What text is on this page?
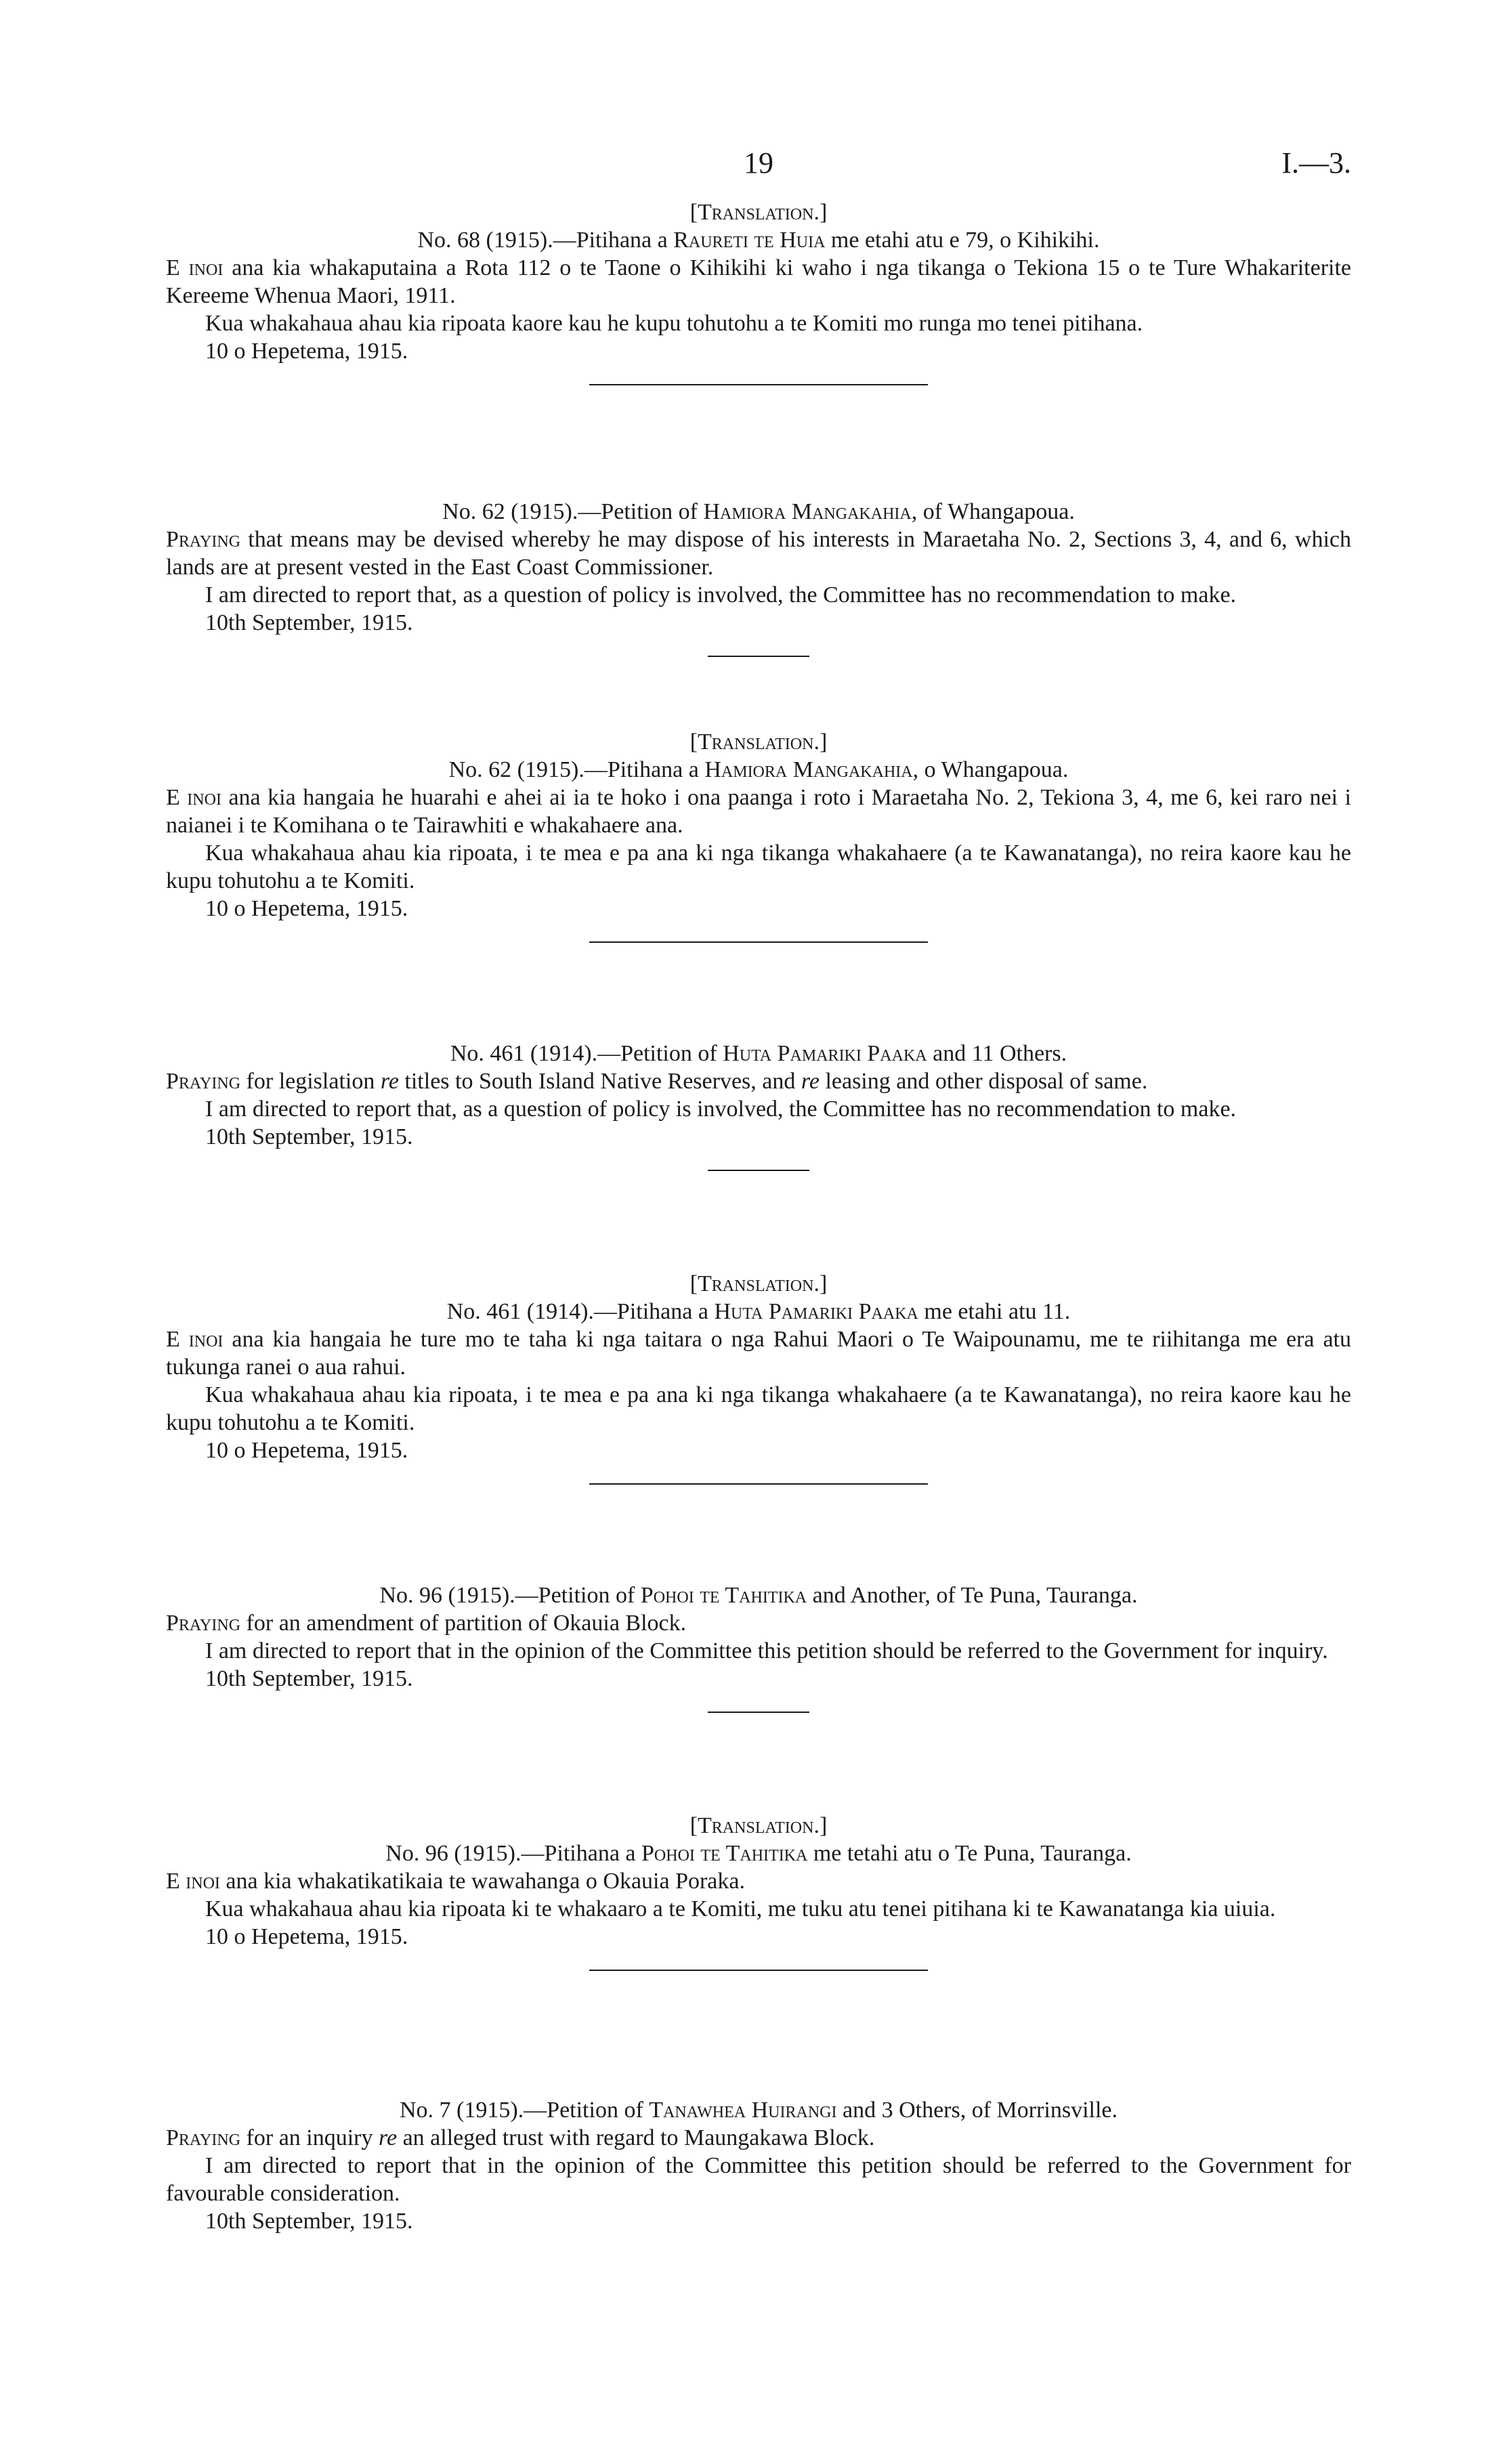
19	I.—3.

[Translation.]

No. 68 (1915).—Pitihana a Raureti te Huia me etahi atu e 79, o Kihikihi.

E inoi ana kia whakaputaina a Rota 112 o te Taone o Kihikihi ki waho i nga tikanga o Tekiona 15 o te Ture Whakariterite Kereeme Whenua Maori, 1911.

Kua whakahaua ahau kia ripoata kaore kau he kupu tohutohu a te Komiti mo runga mo tenei pitihana.

10 o Hepetema, 1915.

No. 62 (1915).—Petition of Hamiora Mangakahia, of Whangapoua.

Praying that means may be devised whereby he may dispose of his interests in Maraetaha No. 2, Sections 3, 4, and 6, which lands are at present vested in the East Coast Commissioner.

I am directed to report that, as a question of policy is involved, the Committee has no recommendation to make.

10th September, 1915.

[Translation.]

No. 62 (1915).—Pitihana a Hamiora Mangakahia, o Whangapoua.

E inoi ana kia hangaia he huarahi e ahei ai ia te hoko i ona paanga i roto i Maraetaha No. 2, Tekiona 3, 4, me 6, kei raro nei i naianei i te Komihana o te Tairawhiti e whakahaere ana.

Kua whakahaua ahau kia ripoata, i te mea e pa ana ki nga tikanga whakahaere (a te Kawanatanga), no reira kaore kau he kupu tohutohu a te Komiti.

10 o Hepetema, 1915.

No. 461 (1914).—Petition of Huta Pamariki Paaka and 11 Others.

Praying for legislation re titles to South Island Native Reserves, and re leasing and other disposal of same.

I am directed to report that, as a question of policy is involved, the Committee has no recommendation to make.

10th September, 1915.

[Translation.]

No. 461 (1914).—Pitihana a Huta Pamariki Paaka me etahi atu 11.

E inoi ana kia hangaia he ture mo te taha ki nga taitara o nga Rahui Maori o Te Waipounamu, me te riihitanga me era atu tukunga ranei o aua rahui.

Kua whakahaua ahau kia ripoata, i te mea e pa ana ki nga tikanga whakahaere (a te Kawanatanga), no reira kaore kau he kupu tohutohu a te Komiti.

10 o Hepetema, 1915.

No. 96 (1915).—Petition of Pohoi te Tahitika and Another, of Te Puna, Tauranga.

Praying for an amendment of partition of Okauia Block.

I am directed to report that in the opinion of the Committee this petition should be referred to the Government for inquiry.

10th September, 1915.

[Translation.]

No. 96 (1915).—Pitihana a Pohoi te Tahitika me tetahi atu o Te Puna, Tauranga.

E inoi ana kia whakatikatikaia te wawahanga o Okauia Poraka.

Kua whakahaua ahau kia ripoata ki te whakaaro a te Komiti, me tuku atu tenei pitihana ki te Kawanatanga kia uiuia.

10 o Hepetema, 1915.

No. 7 (1915).—Petition of Tanawhea Huirangi and 3 Others, of Morrinsville.

Praying for an inquiry re an alleged trust with regard to Maungakawa Block.

I am directed to report that in the opinion of the Committee this petition should be referred to the Government for favourable consideration.

10th September, 1915.
